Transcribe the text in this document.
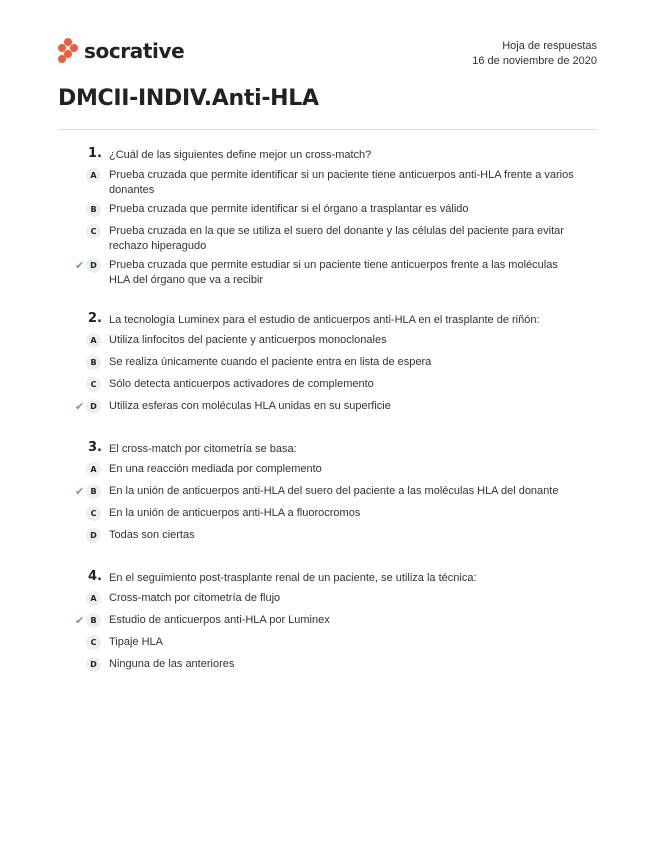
socrative	Hoja de respuestas
16 de noviembre de 2020
DMCII-INDIV.Anti-HLA
1. ¿Cuál de las siguientes define mejor un cross-match?
A	Prueba cruzada que permite identificar si un paciente tiene anticuerpos anti-HLA frente a varios donantes
B	Prueba cruzada que permite identificar si el órgano a trasplantar es válido
C	Prueba cruzada en la que se utiliza el suero del donante y las células del paciente para evitar rechazo hiperagudo
✔ D	Prueba cruzada que permite estudiar si un paciente tiene anticuerpos frente a las moléculas HLA del órgano que va a recibir
2. La tecnología Luminex para el estudio de anticuerpos anti-HLA en el trasplante de riñón:
A	Utiliza linfocitos del paciente y anticuerpos monoclonales
B	Se realiza únicamente cuando el paciente entra en lista de espera
C	Sólo detecta anticuerpos activadores de complemento
✔ D	Utiliza esferas con moléculas HLA unidas en su superficie
3. El cross-match por citometría se basa:
A	En una reacción mediada por complemento
✔ B	En la unión de anticuerpos anti-HLA del suero del paciente a las moléculas HLA del donante
C	En la unión de anticuerpos anti-HLA a fluorocromos
D	Todas son ciertas
4. En el seguimiento post-trasplante renal de un paciente, se utiliza la técnica:
A	Cross-match por citometría de flujo
✔ B	Estudio de anticuerpos anti-HLA por Luminex
C	Tipaje HLA
D	Ninguna de las anteriores
